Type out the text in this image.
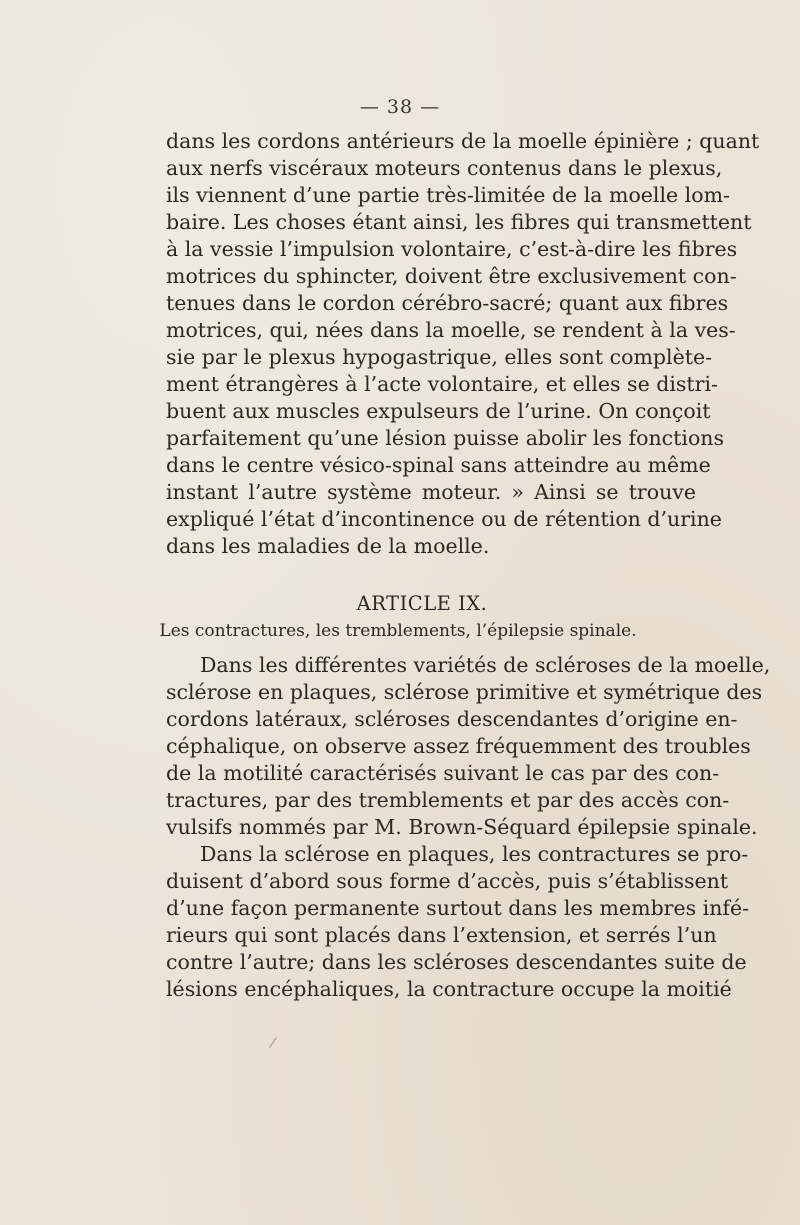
— 38 —
dans les cordons antérieurs de la moelle épinière ; quant
aux nerfs viscéraux moteurs contenus dans le plexus,
ils viennent d’une partie très-limitée de la moelle lom-
baire. Les choses étant ainsi, les fibres qui transmettent
à la vessie l’impulsion volontaire, c’est-à-dire les fibres
motrices du sphincter, doivent être exclusivement con-
tenues dans le cordon cérébro-sacré; quant aux fibres
motrices, qui, nées dans la moelle, se rendent à la ves-
sie par le plexus hypogastrique, elles sont complète-
ment étrangères à l’acte volontaire, et elles se distri-
buent aux muscles expulseurs de l’urine. On conçoit
parfaitement qu’une lésion puisse abolir les fonctions
dans le centre vésico-spinal sans atteindre au même
instant l’autre système moteur. » Ainsi se trouve
expliqué l’état d’incontinence ou de rétention d’urine
dans les maladies de la moelle.
ARTICLE IX.
Les contractures, les tremblements, l’épilepsie spinale.
Dans les différentes variétés de scléroses de la moelle,
sclérose en plaques, sclérose primitive et symétrique des
cordons latéraux, scléroses descendantes d’origine en-
céphalique, on observe assez fréquemment des troubles
de la motilité caractérisés suivant le cas par des con-
tractures, par des tremblements et par des accès con-
vulsifs nommés par M. Brown-Séquard épilepsie spinale.
Dans la sclérose en plaques, les contractures se pro-
duisent d’abord sous forme d’accès, puis s’établissent
d’une façon permanente surtout dans les membres infé-
rieurs qui sont placés dans l’extension, et serrés l’un
contre l’autre; dans les scléroses descendantes suite de
lésions encéphaliques, la contracture occupe la moitié
